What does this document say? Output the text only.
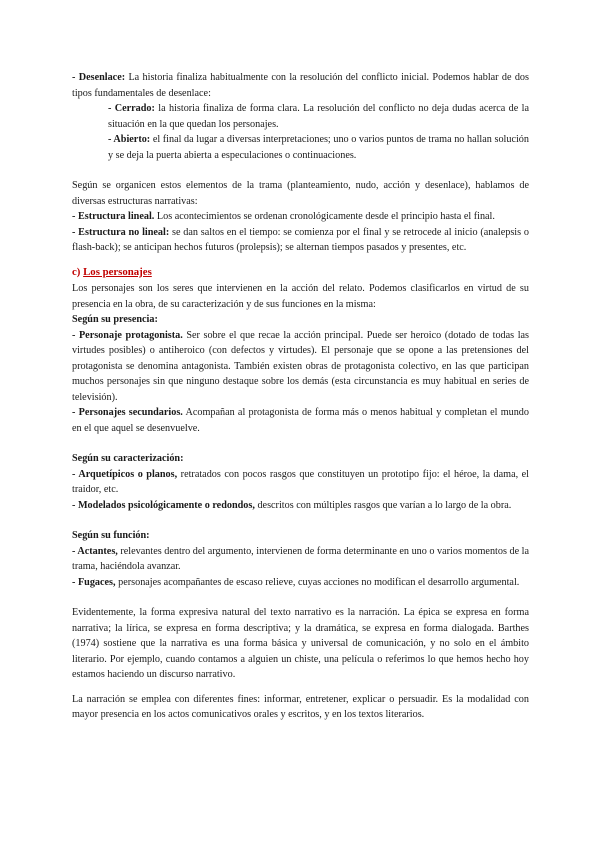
- Desenlace: La historia finaliza habitualmente con la resolución del conflicto inicial. Podemos hablar de dos tipos fundamentales de desenlace:

- Cerrado: la historia finaliza de forma clara. La resolución del conflicto no deja dudas acerca de la situación en la que quedan los personajes.

- Abierto: el final da lugar a diversas interpretaciones; uno o varios puntos de trama no hallan solución y se deja la puerta abierta a especulaciones o continuaciones.

Según se organicen estos elementos de la trama (planteamiento, nudo, acción y desenlace), hablamos de diversas estructuras narrativas:

- Estructura lineal. Los acontecimientos se ordenan cronológicamente desde el principio hasta el final.

- Estructura no lineal: se dan saltos en el tiempo: se comienza por el final y se retrocede al inicio (analepsis o flash-back); se anticipan hechos futuros (prolepsis); se alternan tiempos pasados y presentes, etc.

c) Los personajes

Los personajes son los seres que intervienen en la acción del relato. Podemos clasificarlos en virtud de su presencia en la obra, de su caracterización y de sus funciones en la misma:

Según su presencia:

- Personaje protagonista. Ser sobre el que recae la acción principal. Puede ser heroico (dotado de todas las virtudes posibles) o antiheroico (con defectos y virtudes). El personaje que se opone a las pretensiones del protagonista se denomina antagonista. También existen obras de protagonista colectivo, en las que participan muchos personajes sin que ninguno destaque sobre los demás (esta circunstancia es muy habitual en series de televisión).

- Personajes secundarios. Acompañan al protagonista de forma más o menos habitual y completan el mundo en el que aquel se desenvuelve.

Según su caracterización:

- Arquetípicos o planos, retratados con pocos rasgos que constituyen un prototipo fijo: el héroe, la dama, el traidor, etc.

- Modelados psicológicamente o redondos, descritos con múltiples rasgos que varían a lo largo de la obra.

Según su función:

- Actantes, relevantes dentro del argumento, intervienen de forma determinante en uno o varios momentos de la trama, haciéndola avanzar.

- Fugaces, personajes acompañantes de escaso relieve, cuyas acciones no modifican el desarrollo argumental.

Evidentemente, la forma expresiva natural del texto narrativo es la narración. La épica se expresa en forma narrativa; la lírica, se expresa en forma descriptiva; y la dramática, se expresa en forma dialogada. Barthes (1974) sostiene que la narrativa es una forma básica y universal de comunicación, y no solo en el ámbito literario. Por ejemplo, cuando contamos a alguien un chiste, una película o referimos lo que hemos hecho hoy estamos haciendo un discurso narrativo.

La narración se emplea con diferentes fines: informar, entretener, explicar o persuadir. Es la modalidad con mayor presencia en los actos comunicativos orales y escritos, y en los textos literarios.
